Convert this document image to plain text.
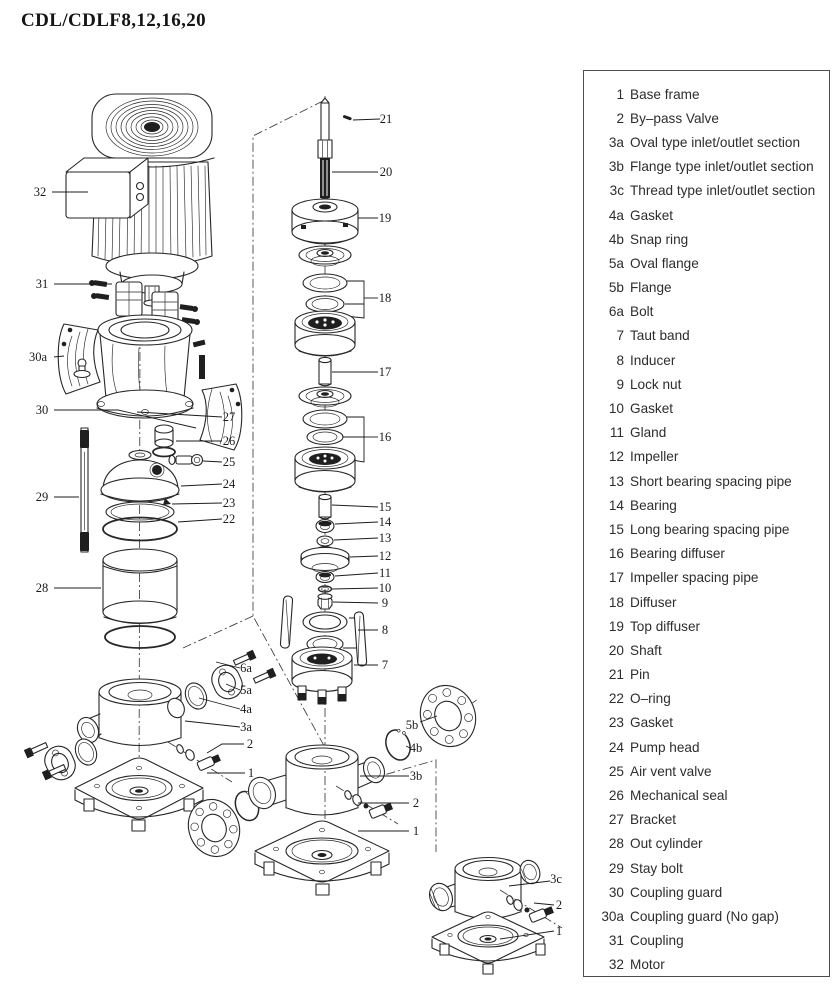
CDL/CDLF8,12,16,20
32
31
30a
30
29
28
27
26
25
24
23
22
6a
5a
4a
3a
2
1
21
20
19
18
17
16
15
14
13
12
11
10
9
8
7
5b
4b
3b
2
1
3c
2
1
1 Base frame
2 By–pass Valve
3a Oval type inlet/outlet section
3b Flange type inlet/outlet section
3c Thread type inlet/outlet section
4a Gasket
4b Snap ring
5a Oval flange
5b Flange
6a Bolt
7 Taut band
8 Inducer
9 Lock nut
10 Gasket
11 Gland
12 Impeller
13 Short bearing spacing pipe
14 Bearing
15 Long bearing spacing pipe
16 Bearing diffuser
17 Impeller spacing pipe
18 Diffuser
19 Top diffuser
20 Shaft
21 Pin
22 O–ring
23 Gasket
24 Pump head
25 Air vent valve
26 Mechanical seal
27 Bracket
28 Out cylinder
29 Stay bolt
30 Coupling guard
30a Coupling guard (No gap)
31 Coupling
32 Motor
